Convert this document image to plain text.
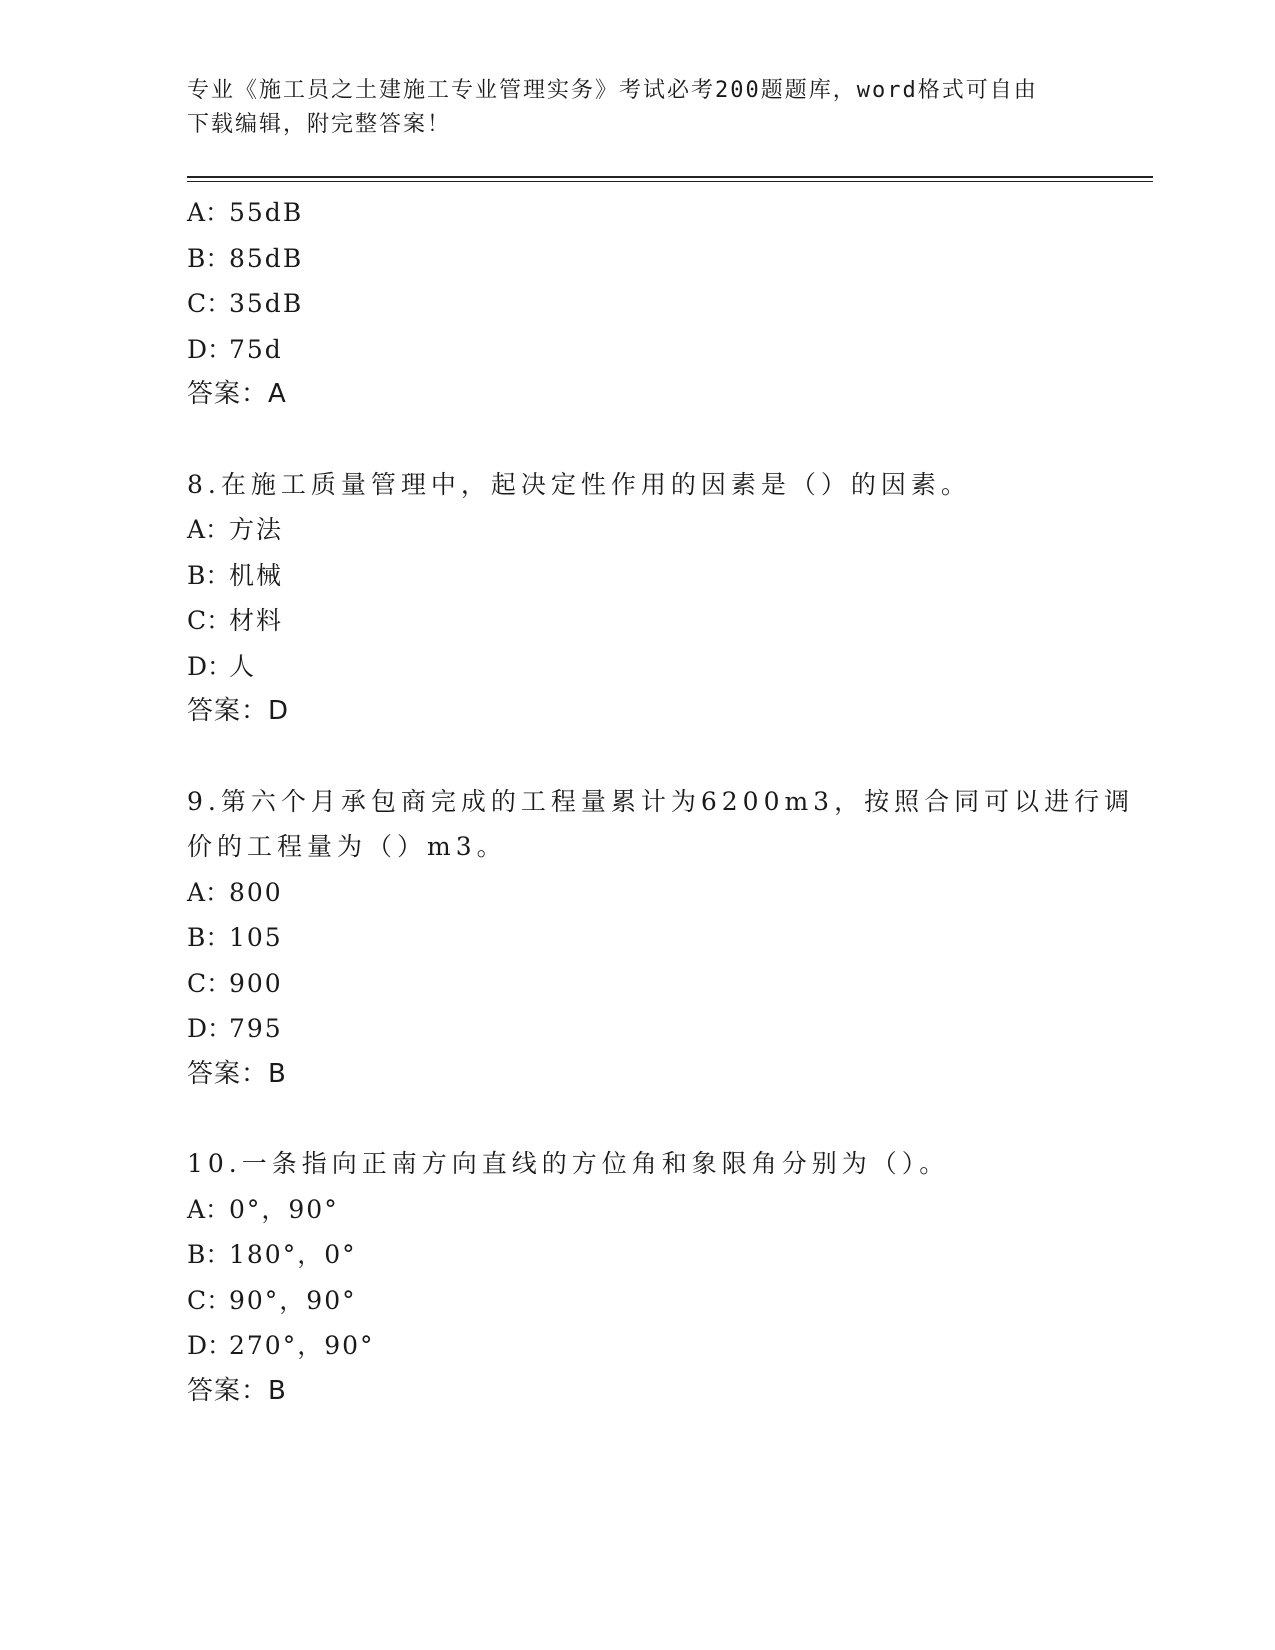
专业《施工员之土建施工专业管理实务》考试必考200题题库，word格式可自由
下载编辑，附完整答案！
A：55dB
B：85dB
C：35dB
D：75d
答案：A
8.在施工质量管理中，起决定性作用的因素是（）的因素。
A：方法
B：机械
C：材料
D：人
答案：D
9.第六个月承包商完成的工程量累计为6200m3，按照合同可以进行调
价的工程量为（）m3。
A：800
B：105
C：900
D：795
答案：B
10.一条指向正南方向直线的方位角和象限角分别为（）。
A：0°，90°
B：180°，0°
C：90°，90°
D：270°，90°
答案：B
